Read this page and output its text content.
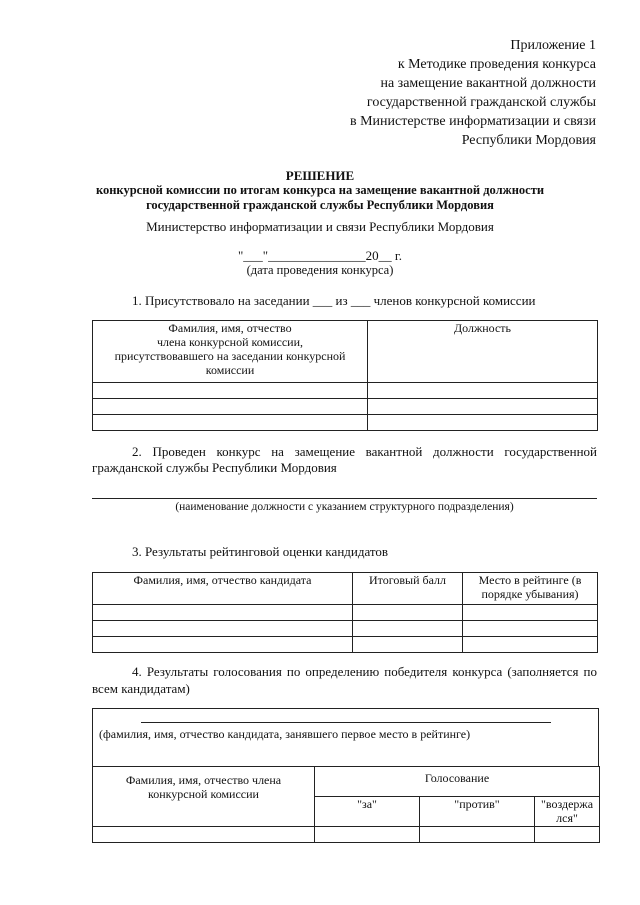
Приложение 1
к Методике проведения конкурса
на замещение вакантной должности
государственной гражданской службы
в Министерстве информатизации и связи
Республики Мордовия
РЕШЕНИЕ
конкурсной комиссии по итогам конкурса на замещение вакантной должности
государственной гражданской службы Республики Мордовия
Министерство информатизации и связи Республики Мордовия
"___"_______________20__ г.
(дата проведения конкурса)
1. Присутствовало на заседании ___ из ___ членов конкурсной комиссии
Фамилия, имя, отчество
члена конкурсной комиссии,
присутствовавшего на заседании конкурсной
комиссии	Должность

2. Проведен конкурс на замещение вакантной должности государственной
гражданской службы Республики Мордовия
(наименование должности с указанием структурного подразделения)
3. Результаты рейтинговой оценки кандидатов
Фамилия, имя, отчество кандидата	Итоговый балл	Место в рейтинге (в
порядке убывания)

4. Результаты голосования по определению победителя конкурса (заполняется по
всем кандидатам)
(фамилия, имя, отчество кандидата, занявшего первое место в рейтинге)
Фамилия, имя, отчество члена
конкурсной комиссии	Голосование		
	"за"	"против"	"воздержа
лся"
